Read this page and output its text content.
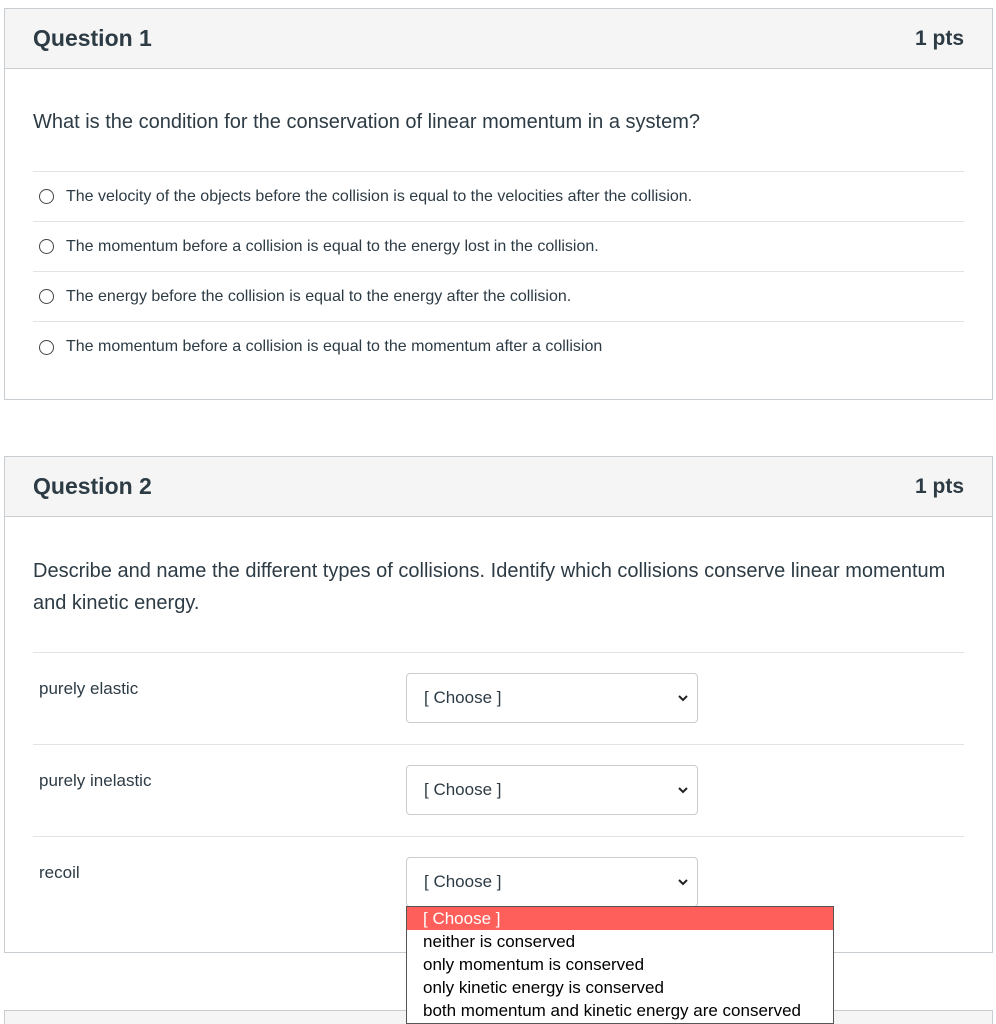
Question 1	1 pts
What is the condition for the conservation of linear momentum in a system?
The velocity of the objects before the collision is equal to the velocities after the collision.
The momentum before a collision is equal to the energy lost in the collision.
The energy before the collision is equal to the energy after the collision.
The momentum before a collision is equal to the momentum after a collision
Question 2	1 pts
Describe and name the different types of collisions. Identify which collisions conserve linear momentum and kinetic energy.
purely elastic	[ Choose ]
purely inelastic	[ Choose ]
recoil	[ Choose ]
[ Choose ]
neither is conserved
only momentum is conserved
only kinetic energy is conserved
both momentum and kinetic energy are conserved
